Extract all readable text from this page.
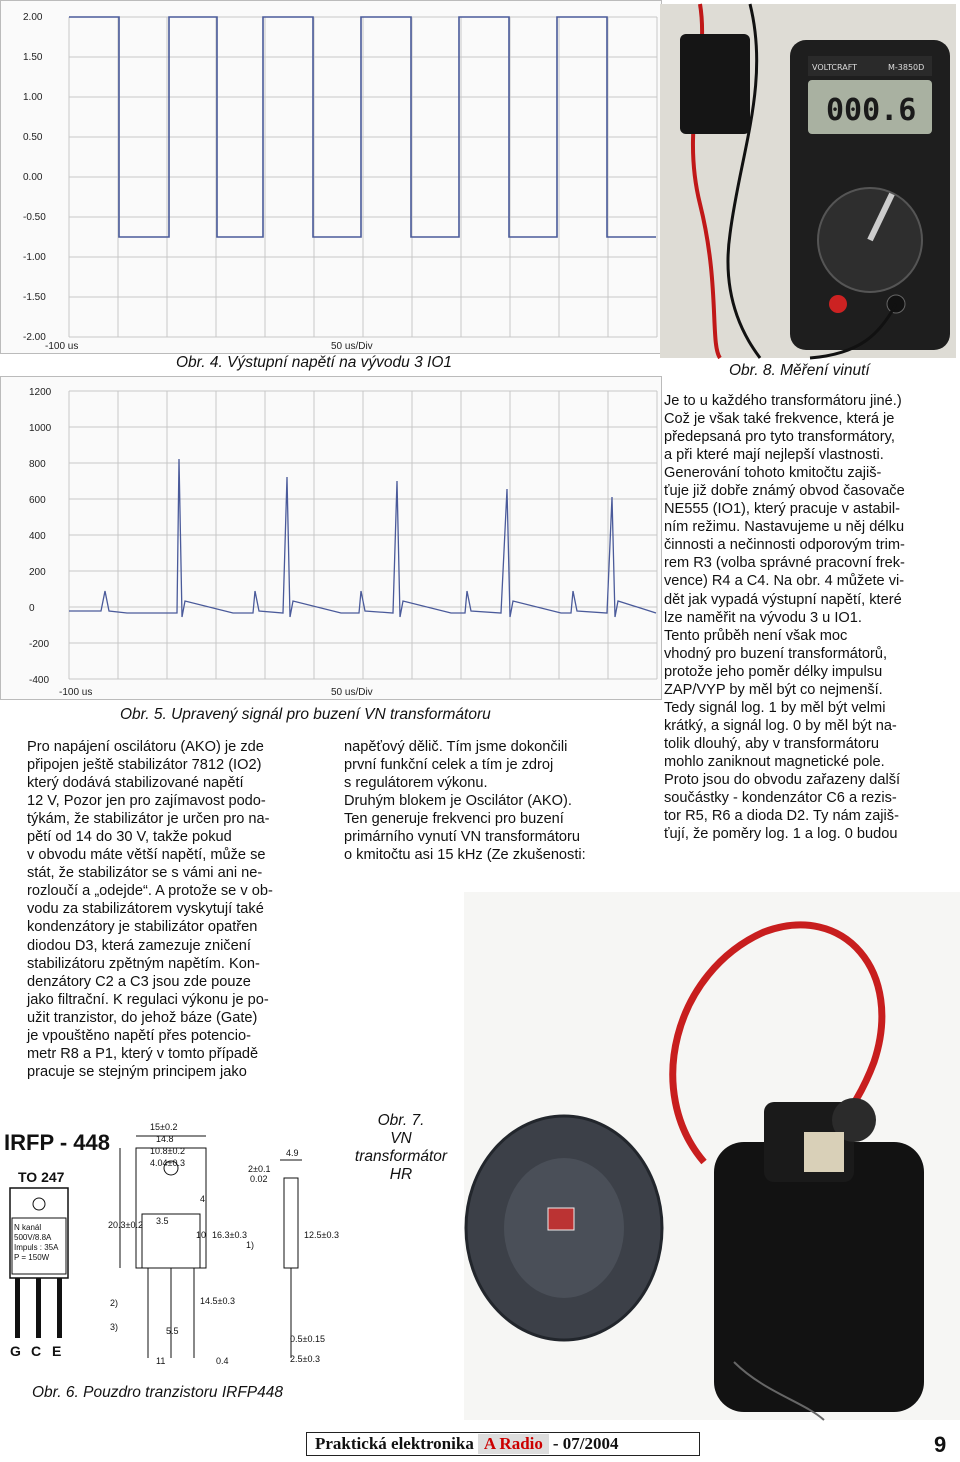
2.00
1.50
1.00
0.50
0.00
-0.50
-1.00
-1.50
-2.00
-100 us	50 us/Div
Obr. 4. Výstupní napětí na vývodu 3 IO1
VOLTCRAFT	M-3850D
000.6
Obr. 8. Měření vinutí
1200
1000
800
600
400
200
0
-200
-400
-100 us	50 us/Div
Obr. 5. Upravený signál pro buzení VN transformátoru
Je to u každého transformátoru jiné.)
Což je však také frekvence, která je
předepsaná pro tyto transformátory,
a při které mají nejlepší vlastnosti.
Generování tohoto kmitočtu zajiš-
ťuje již dobře známý obvod časovače
NE555 (IO1), který pracuje v astabil-
ním režimu. Nastavujeme u něj délku
činnosti a nečinnosti odporovým trim-
rem R3 (volba správné pracovní frek-
vence) R4 a C4. Na obr. 4 můžete vi-
dět jak vypadá výstupní napětí, které
lze naměřit na vývodu 3 u IO1.
Tento průběh není však moc
vhodný pro buzení transformátorů,
protože jeho poměr délky impulsu
ZAP/VYP by měl být co nejmenší.
Tedy signál log. 1 by měl být velmi
krátký, a signál log. 0 by měl být na-
tolik dlouhý, aby v transformátoru
mohlo zaniknout magnetické pole.
Proto jsou do obvodu zařazeny další
součástky - kondenzátor C6 a rezis-
tor R5, R6 a dioda D2. Ty nám zajiš-
ťují, že poměry log. 1 a log. 0 budou
Pro napájení oscilátoru (AKO) je zde
připojen ještě stabilizátor 7812 (IO2)
který dodává stabilizované napětí
12 V, Pozor jen pro zajímavost podo-
týkám, že stabilizátor je určen pro na-
pětí od 14 do 30 V, takže pokud
v obvodu máte větší napětí, může se
stát, že stabilizátor se s vámi ani ne-
rozloučí a „odejde“. A protože se v ob-
vodu za stabilizátorem vyskytují také
kondenzátory je stabilizátor opatřen
diodou D3, která zamezuje zničení
stabilizátoru zpětným napětím. Kon-
denzátory C2 a C3 jsou zde pouze
jako filtrační. K regulaci výkonu je po-
užit tranzistor, do jehož báze (Gate)
je vpouštěno napětí přes potencio-
metr R8 a P1, který v tomto případě
pracuje se stejným principem jako
napěťový dělič. Tím jsme dokončili
první funkční celek a tím je zdroj
s regulátorem výkonu.
Druhým blokem je Oscilátor (AKO).
Ten generuje frekvenci pro buzení
primárního vynutí VN transformátoru
o kmitočtu asi 15 kHz (Ze zkušenosti:
Obr. 7.
VN
transformátor
HR
IRFP - 448
TO 247
N kanál
500V/8.8A
Impuls : 35A
P = 150W
G C E
15±0.2
14.8
10.8±0.2
4.04±0.3
4.9
2±0.1
0.02
20.3±0.2 3.5
4
10 16.3±0.3	12.5±0.3
14.5±0.3
5.5
11	0.4
0.5±0.15
2.5±0.3
1)
2)
3)
Obr. 6. Pouzdro tranzistoru IRFP448
Praktická elektronika A Radio - 07/2004	9
